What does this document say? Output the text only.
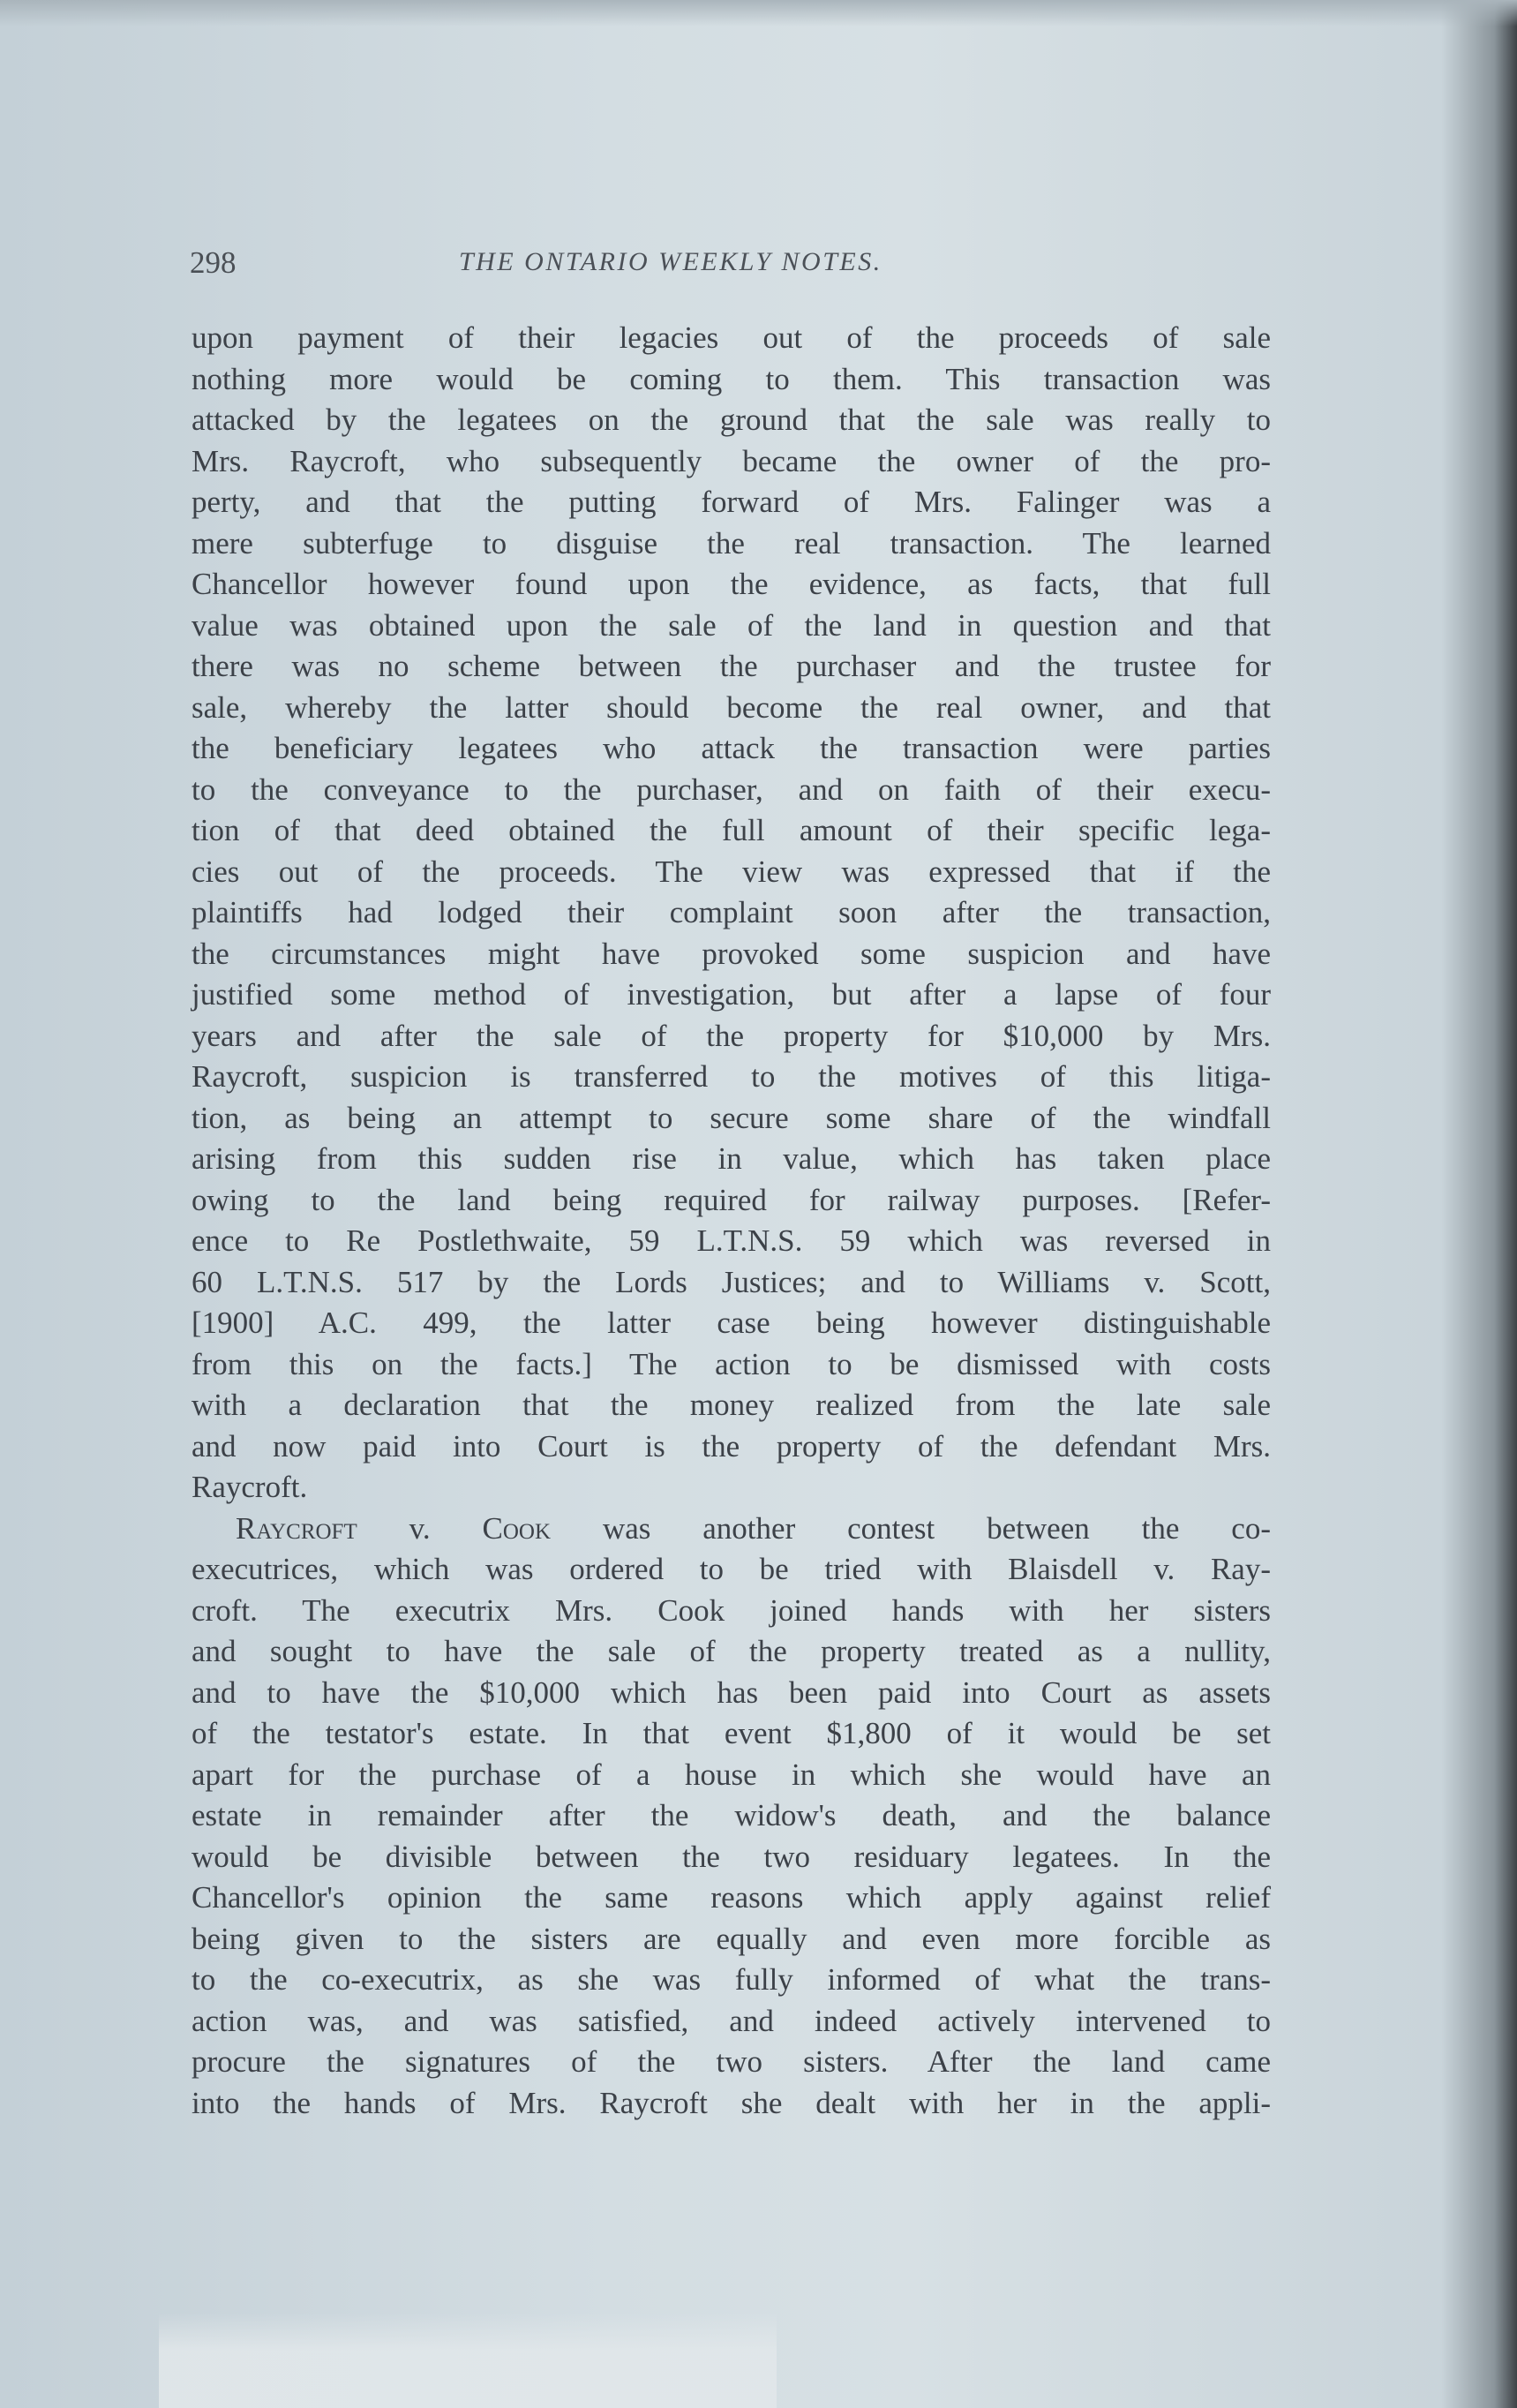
298	THE ONTARIO WEEKLY NOTES.
upon payment of their legacies out of the proceeds of sale
nothing more would be coming to them. This transaction was
attacked by the legatees on the ground that the sale was really to
Mrs. Raycroft, who subsequently became the owner of the pro-
perty, and that the putting forward of Mrs. Falinger was a
mere subterfuge to disguise the real transaction. The learned
Chancellor however found upon the evidence, as facts, that full
value was obtained upon the sale of the land in question and that
there was no scheme between the purchaser and the trustee for
sale, whereby the latter should become the real owner, and that
the beneficiary legatees who attack the transaction were parties
to the conveyance to the purchaser, and on faith of their execu-
tion of that deed obtained the full amount of their specific lega-
cies out of the proceeds. The view was expressed that if the
plaintiffs had lodged their complaint soon after the transaction,
the circumstances might have provoked some suspicion and have
justified some method of investigation, but after a lapse of four
years and after the sale of the property for $10,000 by Mrs.
Raycroft, suspicion is transferred to the motives of this litiga-
tion, as being an attempt to secure some share of the windfall
arising from this sudden rise in value, which has taken place
owing to the land being required for railway purposes. [Refer-
ence to Re Postlethwaite, 59 L.T.N.S. 59 which was reversed in
60 L.T.N.S. 517 by the Lords Justices; and to Williams v. Scott,
[1900] A.C. 499, the latter case being however distinguishable
from this on the facts.] The action to be dismissed with costs
with a declaration that the money realized from the late sale
and now paid into Court is the property of the defendant Mrs.
Raycroft.
Raycroft v. Cook was another contest between the co-
executrices, which was ordered to be tried with Blaisdell v. Ray-
croft. The executrix Mrs. Cook joined hands with her sisters
and sought to have the sale of the property treated as a nullity,
and to have the $10,000 which has been paid into Court as assets
of the testator's estate. In that event $1,800 of it would be set
apart for the purchase of a house in which she would have an
estate in remainder after the widow's death, and the balance
would be divisible between the two residuary legatees. In the
Chancellor's opinion the same reasons which apply against relief
being given to the sisters are equally and even more forcible as
to the co-executrix, as she was fully informed of what the trans-
action was, and was satisfied, and indeed actively intervened to
procure the signatures of the two sisters. After the land came
into the hands of Mrs. Raycroft she dealt with her in the appli-
